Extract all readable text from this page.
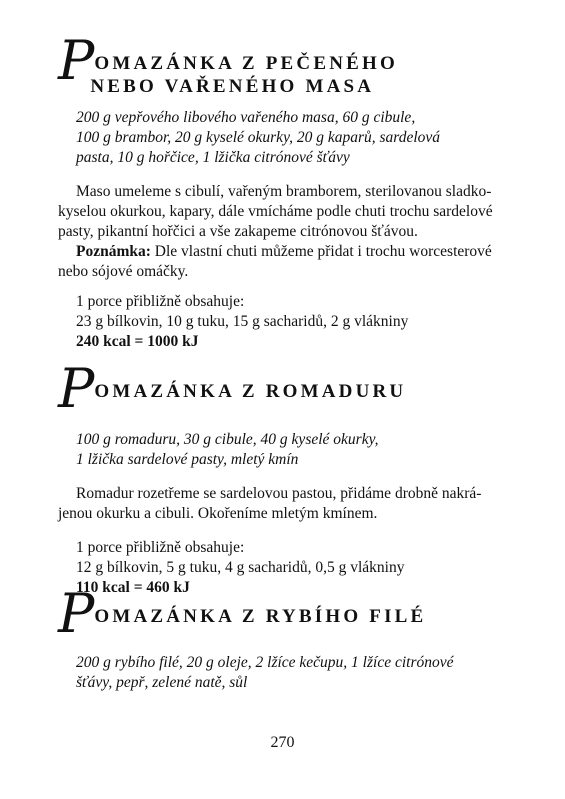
P OMAZÁNKA Z PEČENÉHO
NEBO VAŘENÉHO MASA
200 g vepřového libového vařeného masa, 60 g cibule,
100 g brambor, 20 g kyselé okurky, 20 g kaparů, sardelová
pasta, 10 g hořčice, 1 lžička citrónové šťávy
Maso umeleme s cibulí, vařeným bramborem, sterilovanou sladko-
kyselou okurkou, kapary, dále vmícháme podle chuti trochu sardelové
pasty, pikantní hořčici a vše zakapeme citrónovou šťávou.
Poznámka: Dle vlastní chuti můžeme přidat i trochu worcesterové
nebo sójové omáčky.
1 porce přibližně obsahuje:
23 g bílkovin, 10 g tuku, 15 g sacharidů, 2 g vlákniny
240 kcal = 1000 kJ
P OMAZÁNKA Z ROMADURU
100 g romaduru, 30 g cibule, 40 g kyselé okurky,
1 lžička sardelové pasty, mletý kmín
Romadur rozetřeme se sardelovou pastou, přidáme drobně nakrá-
jenou okurku a cibuli. Okořeníme mletým kmínem.
1 porce přibližně obsahuje:
12 g bílkovin, 5 g tuku, 4 g sacharidů, 0,5 g vlákniny
110 kcal = 460 kJ
P OMAZÁNKA Z RYBÍHO FILÉ
200 g rybího filé, 20 g oleje, 2 lžíce kečupu, 1 lžíce citrónové
šťávy, pepř, zelené natě, sůl
270
